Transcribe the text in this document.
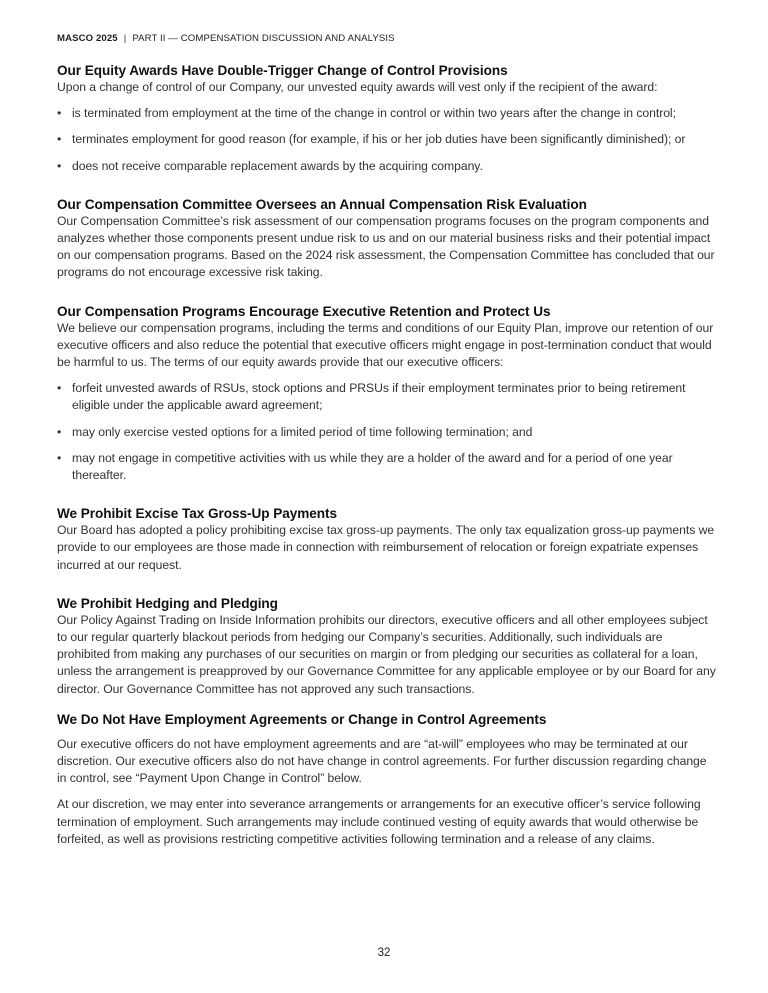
MASCO 2025 | PART II — COMPENSATION DISCUSSION AND ANALYSIS
Our Equity Awards Have Double-Trigger Change of Control Provisions

Upon a change of control of our Company, our unvested equity awards will vest only if the recipient of the award:

• is terminated from employment at the time of the change in control or within two years after the change in control;
• terminates employment for good reason (for example, if his or her job duties have been significantly diminished); or
• does not receive comparable replacement awards by the acquiring company.
Our Compensation Committee Oversees an Annual Compensation Risk Evaluation

Our Compensation Committee’s risk assessment of our compensation programs focuses on the program components and analyzes whether those components present undue risk to us and on our material business risks and their potential impact on our compensation programs. Based on the 2024 risk assessment, the Compensation Committee has concluded that our programs do not encourage excessive risk taking.

Our Compensation Programs Encourage Executive Retention and Protect Us

We believe our compensation programs, including the terms and conditions of our Equity Plan, improve our retention of our executive officers and also reduce the potential that executive officers might engage in post-termination conduct that would be harmful to us. The terms of our equity awards provide that our executive officers:

• forfeit unvested awards of RSUs, stock options and PRSUs if their employment terminates prior to being retirement eligible under the applicable award agreement;
• may only exercise vested options for a limited period of time following termination; and
• may not engage in competitive activities with us while they are a holder of the award and for a period of one year thereafter.
We Prohibit Excise Tax Gross-Up Payments

Our Board has adopted a policy prohibiting excise tax gross-up payments. The only tax equalization gross-up payments we provide to our employees are those made in connection with reimbursement of relocation or foreign expatriate expenses incurred at our request.

We Prohibit Hedging and Pledging

Our Policy Against Trading on Inside Information prohibits our directors, executive officers and all other employees subject to our regular quarterly blackout periods from hedging our Company’s securities. Additionally, such individuals are prohibited from making any purchases of our securities on margin or from pledging our securities as collateral for a loan, unless the arrangement is preapproved by our Governance Committee for any applicable employee or by our Board for any director. Our Governance Committee has not approved any such transactions.

We Do Not Have Employment Agreements or Change in Control Agreements

Our executive officers do not have employment agreements and are “at-will” employees who may be terminated at our discretion. Our executive officers also do not have change in control agreements. For further discussion regarding change in control, see “Payment Upon Change in Control” below.

At our discretion, we may enter into severance arrangements or arrangements for an executive officer’s service following termination of employment. Such arrangements may include continued vesting of equity awards that would otherwise be forfeited, as well as provisions restricting competitive activities following termination and a release of any claims.

32
